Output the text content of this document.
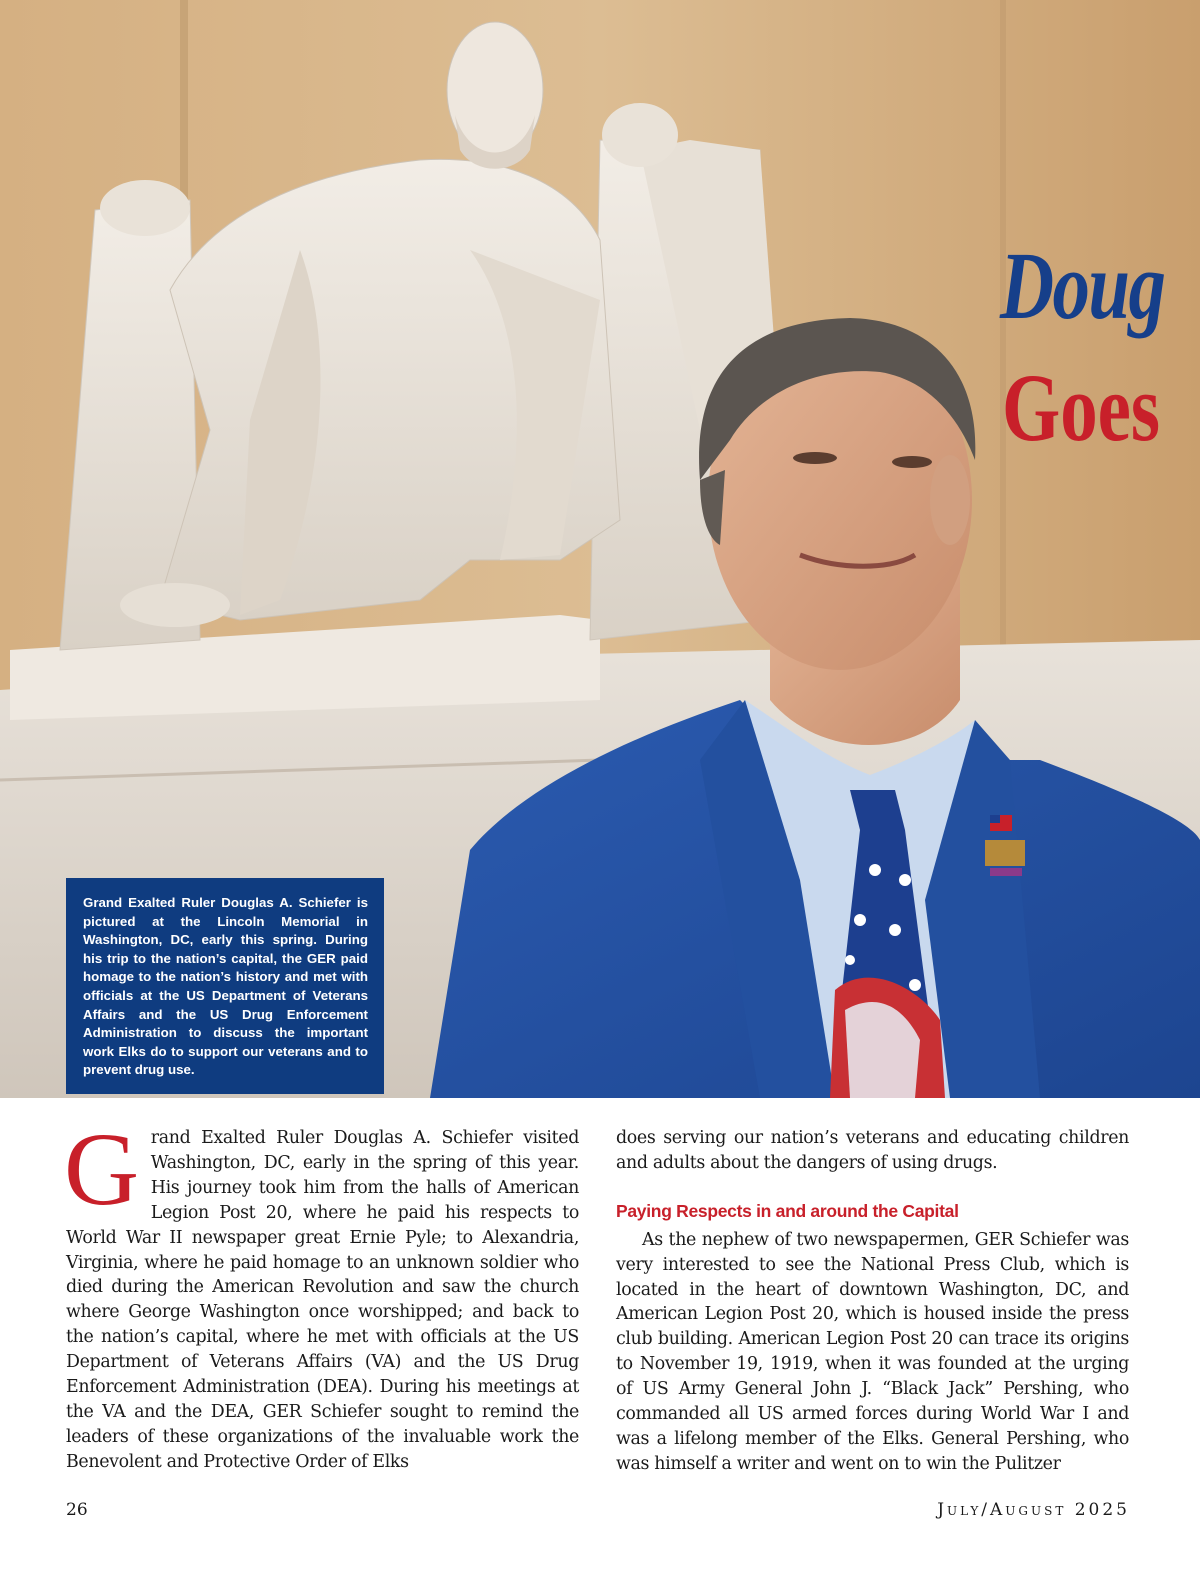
Doug
Goes

Grand Exalted Ruler Douglas A. Schiefer is pictured at the Lincoln Memorial in Washington, DC, early this spring. During his trip to the nation’s capital, the GER paid homage to the nation’s history and met with officials at the US Department of Veterans Affairs and the US Drug Enforcement Administration to discuss the important work Elks do to support our veterans and to prevent drug use.

Grand Exalted Ruler Douglas A. Schiefer visited Washington, DC, early in the spring of this year. His journey took him from the halls of American Legion Post 20, where he paid his respects to World War II newspaper great Ernie Pyle; to Alexandria, Virginia, where he paid homage to an unknown soldier who died during the American Revolution and saw the church where George Washington once worshipped; and back to the nation’s capital, where he met with officials at the US Department of Veterans Affairs (VA) and the US Drug Enforcement Administration (DEA). During his meetings at the VA and the DEA, GER Schiefer sought to remind the leaders of these organizations of the invaluable work the Benevolent and Protective Order of Elks

does serving our nation’s veterans and educating children and adults about the dangers of using drugs.

Paying Respects in and around the Capital

As the nephew of two newspapermen, GER Schiefer was very interested to see the National Press Club, which is located in the heart of downtown Washington, DC, and American Legion Post 20, which is housed inside the press club building. American Legion Post 20 can trace its origins to November 19, 1919, when it was founded at the urging of US Army General John J. “Black Jack” Pershing, who commanded all US armed forces during World War I and was a lifelong member of the Elks. General Pershing, who was himself a writer and went on to win the Pulitzer

26	July/August 2025
